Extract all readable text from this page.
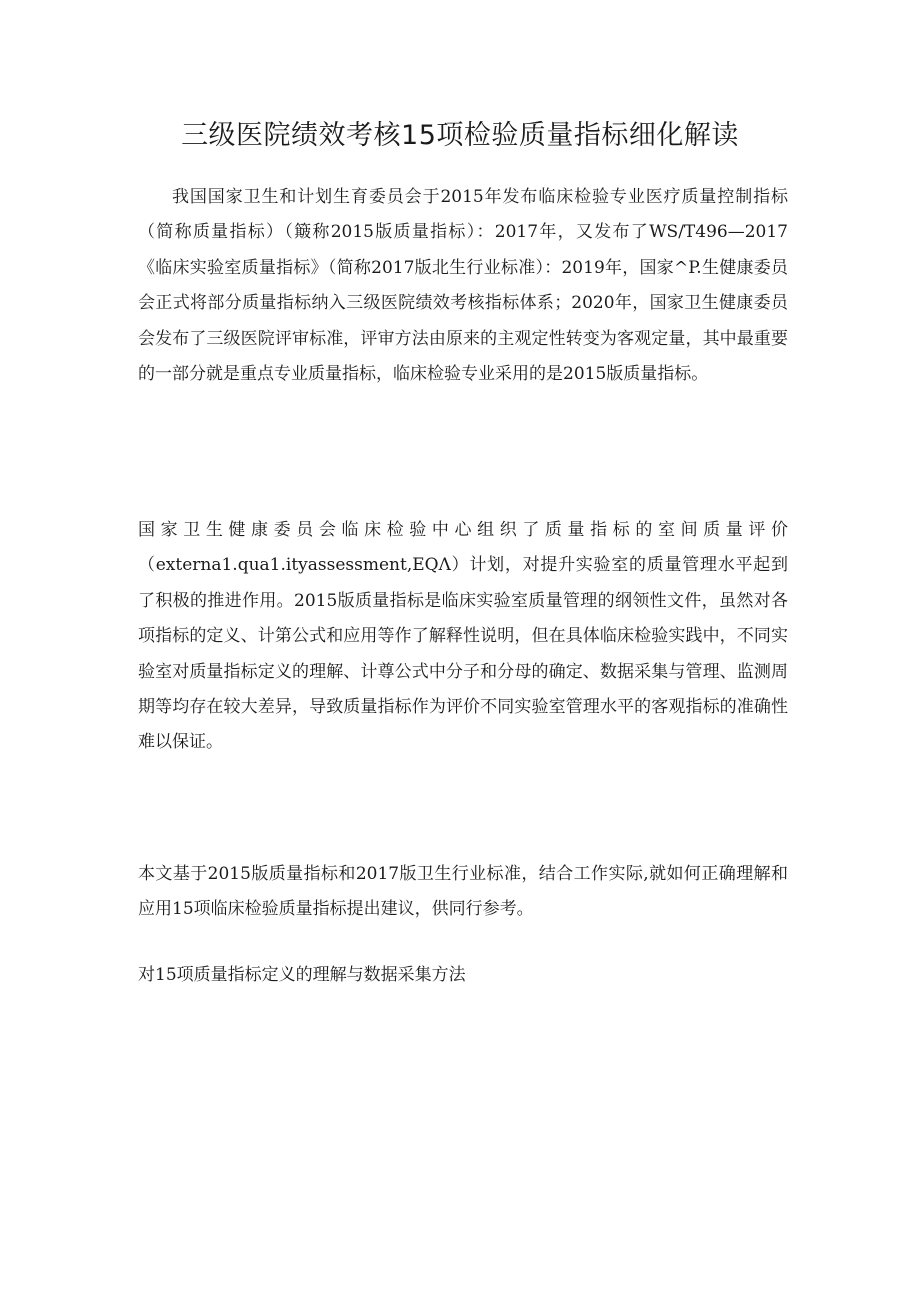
三级医院绩效考核15项检验质量指标细化解读

我国国家卫生和计划生育委员会于2015年发布临床检验专业医疗质量控制指标（简称质量指标）（簸称2015版质量指标）：2017年，又发布了WS/T496—2017《临床实验室质量指标》（简称2017版北生行业标准）：2019年，国家^P.生健康委员会正式将部分质量指标纳入三级医院绩效考核指标体系；2020年，国家卫生健康委员会发布了三级医院评审标准，评审方法由原来的主观定性转变为客观定量，其中最重要的一部分就是重点专业质量指标，临床检验专业采用的是2015版质量指标。

国家卫生健康委员会临床检验中心组织了质量指标的室间质量评价（externa1.qua1.ityassessment,EQΛ）计划，对提升实验室的质量管理水平起到了积极的推进作用。2015版质量指标是临床实验室质量管理的纲领性文件，虽然对各项指标的定义、计第公式和应用等作了解释性说明，但在具体临床检验实践中，不同实验室对质量指标定义的理解、计尊公式中分子和分母的确定、数据采集与管理、监测周期等均存在较大差异，导致质量指标作为评价不同实验室管理水平的客观指标的准确性难以保证。

本文基于2015版质量指标和2017版卫生行业标准，结合工作实际,就如何正确理解和应用15项临床检验质量指标提出建议，供同行参考。

对15项质量指标定义的理解与数据采集方法
